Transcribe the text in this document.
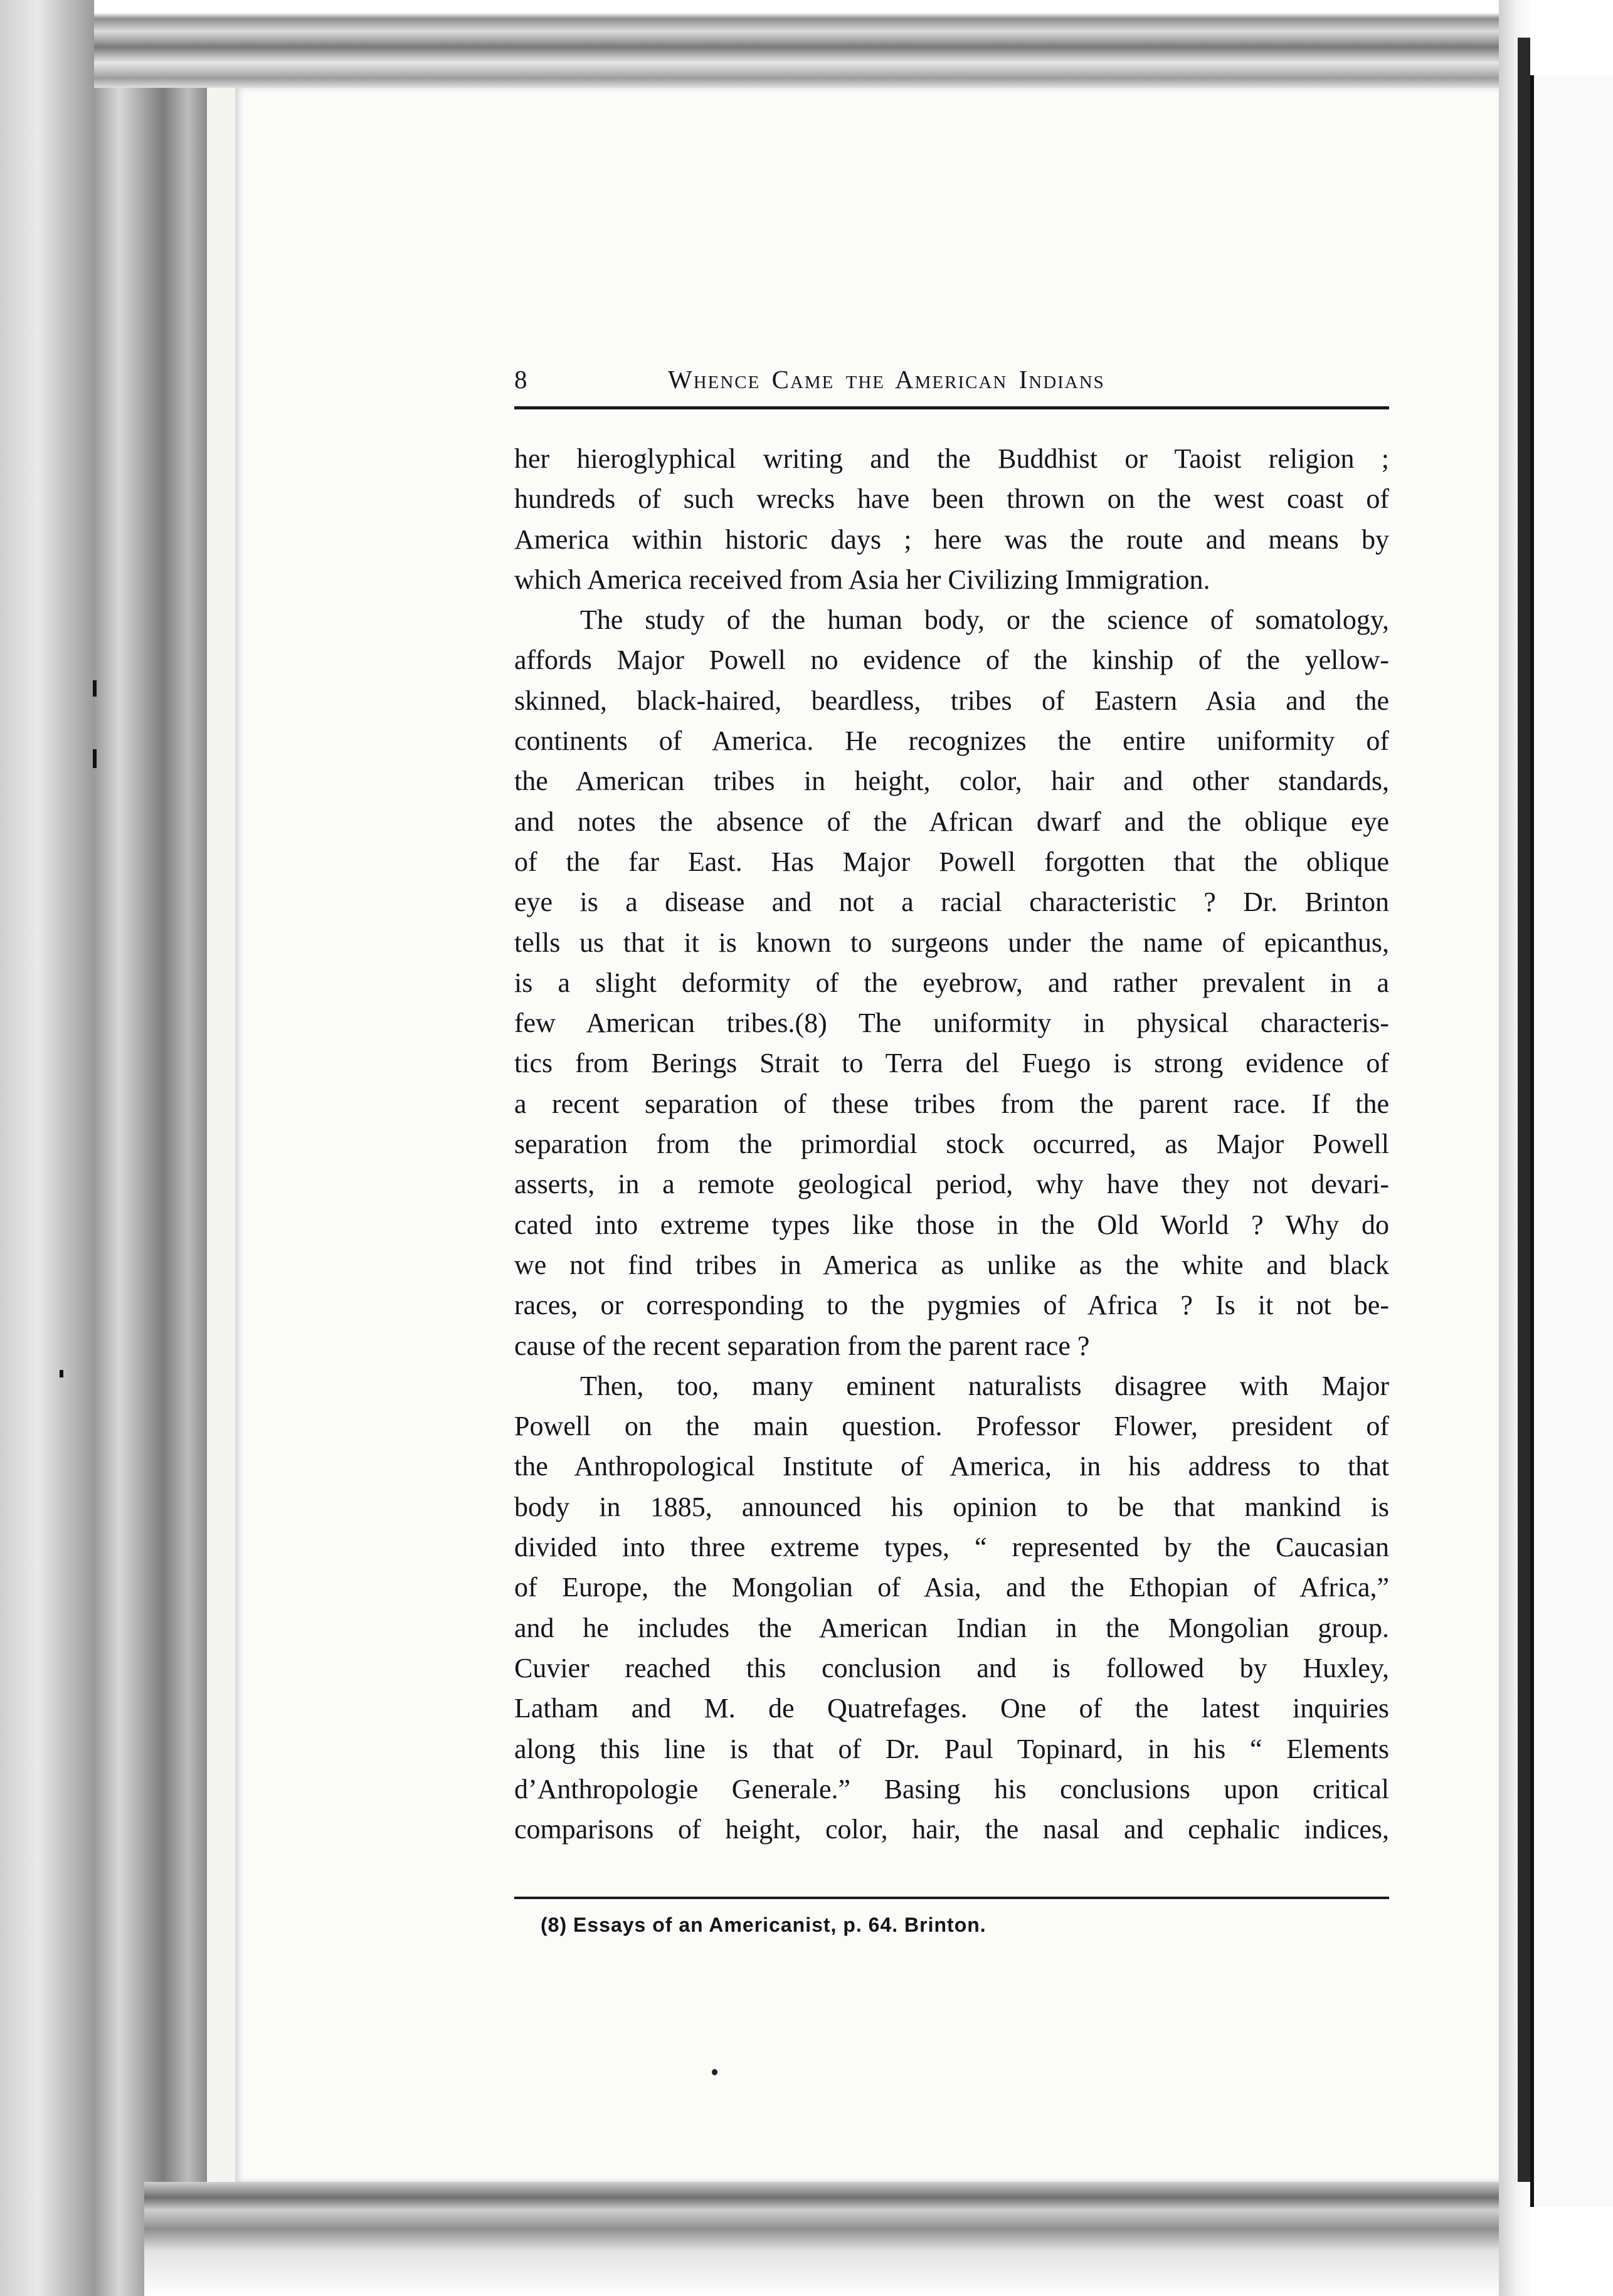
8	Whence Came the American Indians
her hieroglyphical writing and the Buddhist or Taoist religion ;
hundreds of such wrecks have been thrown on the west coast of
America within historic days ; here was the route and means by
which America received from Asia her Civilizing Immigration.
The study of the human body, or the science of somatology,
affords Major Powell no evidence of the kinship of the yellow-
skinned, black-haired, beardless, tribes of Eastern Asia and the
continents of America. He recognizes the entire uniformity of
the American tribes in height, color, hair and other standards,
and notes the absence of the African dwarf and the oblique eye
of the far East. Has Major Powell forgotten that the oblique
eye is a disease and not a racial characteristic ? Dr. Brinton
tells us that it is known to surgeons under the name of epicanthus,
is a slight deformity of the eyebrow, and rather prevalent in a
few American tribes.(8) The uniformity in physical characteris-
tics from Berings Strait to Terra del Fuego is strong evidence of
a recent separation of these tribes from the parent race. If the
separation from the primordial stock occurred, as Major Powell
asserts, in a remote geological period, why have they not devari-
cated into extreme types like those in the Old World ? Why do
we not find tribes in America as unlike as the white and black
races, or corresponding to the pygmies of Africa ? Is it not be-
cause of the recent separation from the parent race ?
Then, too, many eminent naturalists disagree with Major
Powell on the main question. Professor Flower, president of
the Anthropological Institute of America, in his address to that
body in 1885, announced his opinion to be that mankind is
divided into three extreme types, “ represented by the Caucasian
of Europe, the Mongolian of Asia, and the Ethopian of Africa,”
and he includes the American Indian in the Mongolian group.
Cuvier reached this conclusion and is followed by Huxley,
Latham and M. de Quatrefages. One of the latest inquiries
along this line is that of Dr. Paul Topinard, in his “ Elements
d’Anthropologie Generale.” Basing his conclusions upon critical
comparisons of height, color, hair, the nasal and cephalic indices,
(8) Essays of an Americanist, p. 64. Brinton.
